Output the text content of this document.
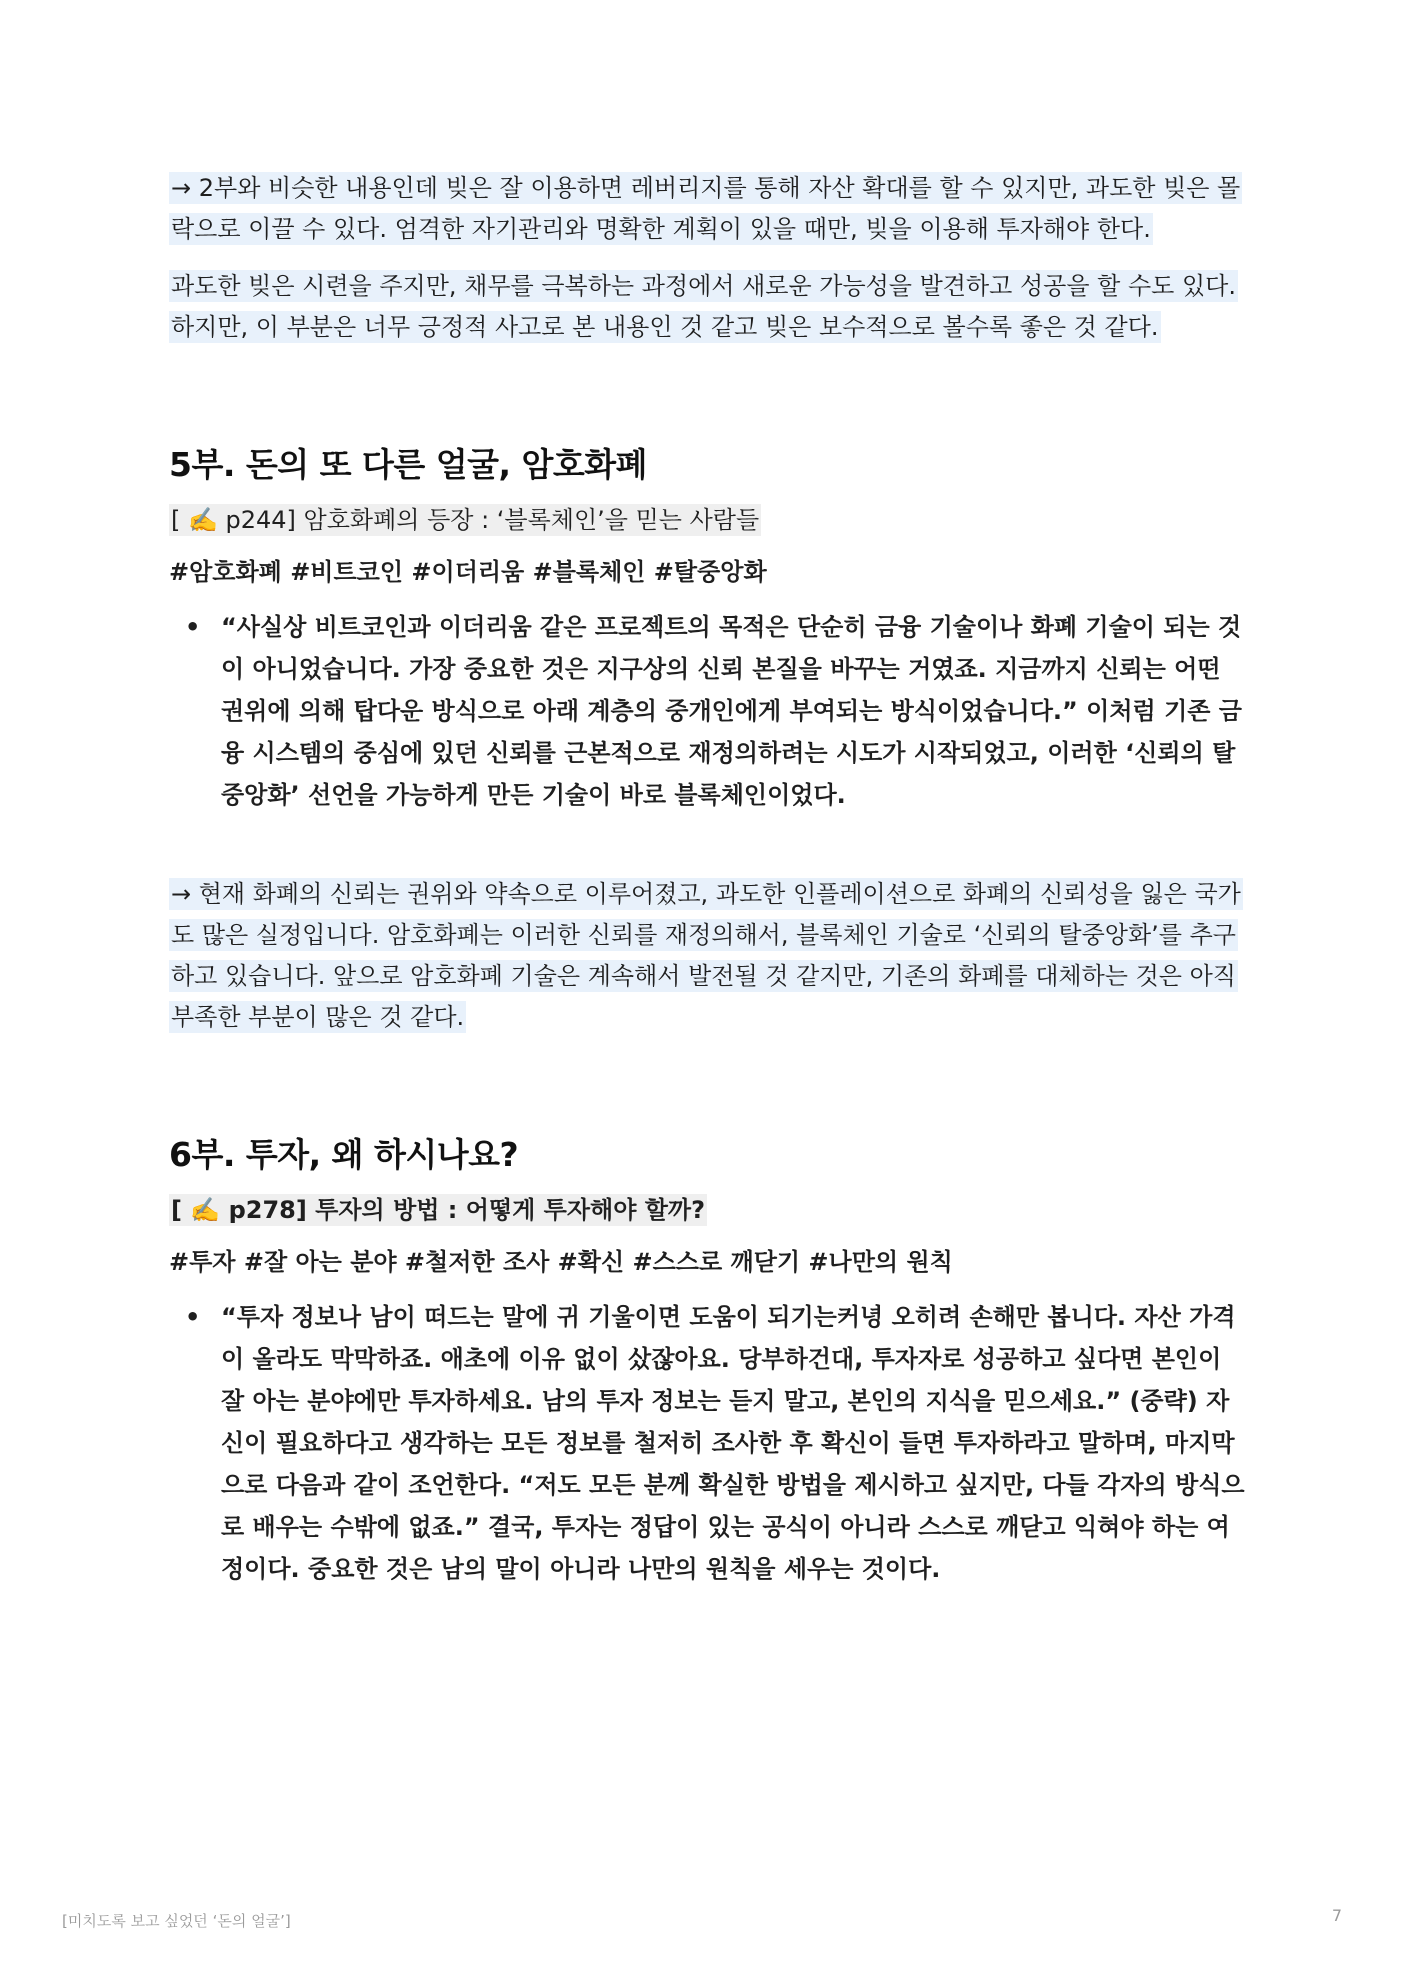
→ 2부와 비슷한 내용인데 빚은 잘 이용하면 레버리지를 통해 자산 확대를 할 수 있지만, 과도한 빚은 몰락으로 이끌 수 있다. 엄격한 자기관리와 명확한 계획이 있을 때만, 빚을 이용해 투자해야 한다.

과도한 빚은 시련을 주지만, 채무를 극복하는 과정에서 새로운 가능성을 발견하고 성공을 할 수도 있다. 하지만, 이 부분은 너무 긍정적 사고로 본 내용인 것 같고 빚은 보수적으로 볼수록 좋은 것 같다.

5부. 돈의 또 다른 얼굴, 암호화폐
[ ✍️ p244] 암호화폐의 등장 : ‘블록체인’을 믿는 사람들
#암호화폐 #비트코인 #이더리움 #블록체인 #탈중앙화
• “사실상 비트코인과 이더리움 같은 프로젝트의 목적은 단순히 금융 기술이나 화폐 기술이 되는 것이 아니었습니다. 가장 중요한 것은 지구상의 신뢰 본질을 바꾸는 거였죠. 지금까지 신뢰는 어떤 권위에 의해 탑다운 방식으로 아래 계층의 중개인에게 부여되는 방식이었습니다.” 이처럼 기존 금융 시스템의 중심에 있던 신뢰를 근본적으로 재정의하려는 시도가 시작되었고, 이러한 ‘신뢰의 탈중앙화’ 선언을 가능하게 만든 기술이 바로 블록체인이었다.

→ 현재 화폐의 신뢰는 권위와 약속으로 이루어졌고, 과도한 인플레이션으로 화폐의 신뢰성을 잃은 국가도 많은 실정입니다. 암호화폐는 이러한 신뢰를 재정의해서, 블록체인 기술로 ‘신뢰의 탈중앙화’를 추구하고 있습니다. 앞으로 암호화폐 기술은 계속해서 발전될 것 같지만, 기존의 화폐를 대체하는 것은 아직 부족한 부분이 많은 것 같다.

6부. 투자, 왜 하시나요?
[ ✍️ p278] 투자의 방법 : 어떻게 투자해야 할까?
#투자 #잘 아는 분야 #철저한 조사 #확신 #스스로 깨닫기 #나만의 원칙
• “투자 정보나 남이 떠드는 말에 귀 기울이면 도움이 되기는커녕 오히려 손해만 봅니다. 자산 가격이 올라도 막막하죠. 애초에 이유 없이 샀잖아요. 당부하건대, 투자자로 성공하고 싶다면 본인이 잘 아는 분야에만 투자하세요. 남의 투자 정보는 듣지 말고, 본인의 지식을 믿으세요.” (중략) 자신이 필요하다고 생각하는 모든 정보를 철저히 조사한 후 확신이 들면 투자하라고 말하며, 마지막으로 다음과 같이 조언한다. “저도 모든 분께 확실한 방법을 제시하고 싶지만, 다들 각자의 방식으로 배우는 수밖에 없죠.” 결국, 투자는 정답이 있는 공식이 아니라 스스로 깨닫고 익혀야 하는 여정이다. 중요한 것은 남의 말이 아니라 나만의 원칙을 세우는 것이다.
[미치도록 보고 싶었던 ‘돈의 얼굴’]	7
